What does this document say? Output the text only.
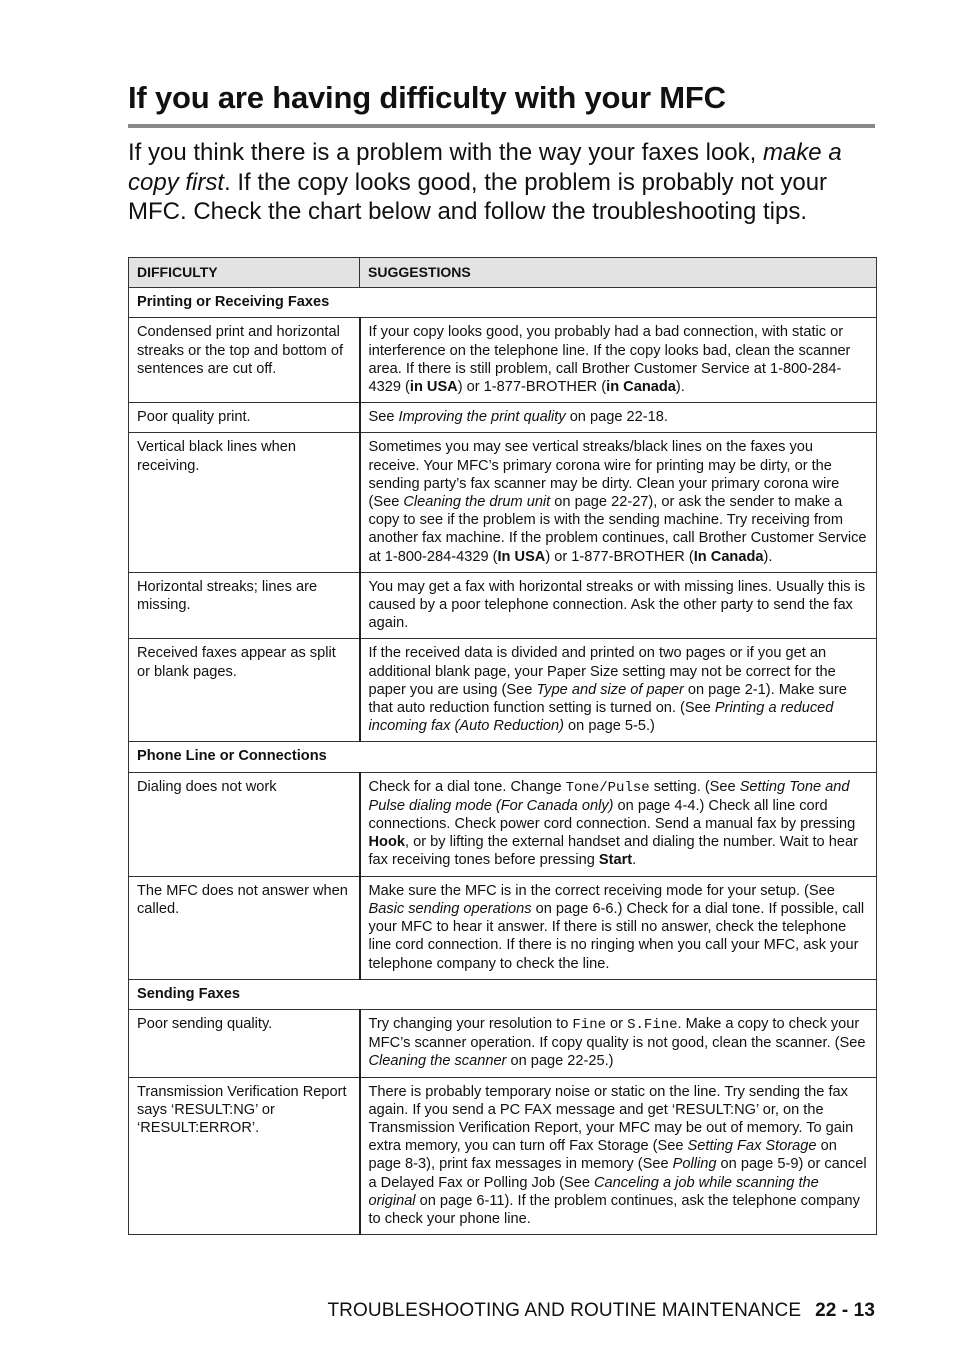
If you are having difficulty with your MFC

If you think there is a problem with the way your faxes look, make a copy first. If the copy looks good, the problem is probably not your MFC. Check the chart below and follow the troubleshooting tips.

DIFFICULTY	SUGGESTIONS
Printing or Receiving Faxes	
Condensed print and horizontal streaks or the top and bottom of sentences are cut off.	If your copy looks good, you probably had a bad connection, with static or interference on the telephone line. If the copy looks bad, clean the scanner area. If there is still problem, call Brother Customer Service at 1-800-284-4329 (in USA) or 1-877-BROTHER (in Canada).
Poor quality print.	See Improving the print quality on page 22-18.
Vertical black lines when receiving.	Sometimes you may see vertical streaks/black lines on the faxes you receive. Your MFC’s primary corona wire for printing may be dirty, or the sending party’s fax scanner may be dirty. Clean your primary corona wire (See Cleaning the drum unit on page 22-27), or ask the sender to make a copy to see if the problem is with the sending machine. Try receiving from another fax machine. If the problem continues, call Brother Customer Service at 1-800-284-4329 (In USA) or 1-877-BROTHER (In Canada).
Horizontal streaks; lines are missing.	You may get a fax with horizontal streaks or with missing lines. Usually this is caused by a poor telephone connection. Ask the other party to send the fax again.
Received faxes appear as split or blank pages.	If the received data is divided and printed on two pages or if you get an additional blank page, your Paper Size setting may not be correct for the paper you are using (See Type and size of paper on page 2-1). Make sure that auto reduction function setting is turned on. (See Printing a reduced incoming fax (Auto Reduction) on page 5-5.)
Phone Line or Connections	
Dialing does not work	Check for a dial tone. Change Tone/Pulse setting. (See Setting Tone and Pulse dialing mode (For Canada only) on page 4-4.) Check all line cord connections. Check power cord connection. Send a manual fax by pressing Hook, or by lifting the external handset and dialing the number. Wait to hear fax receiving tones before pressing Start.
The MFC does not answer when called.	Make sure the MFC is in the correct receiving mode for your setup. (See Basic sending operations on page 6-6.) Check for a dial tone. If possible, call your MFC to hear it answer. If there is still no answer, check the telephone line cord connection. If there is no ringing when you call your MFC, ask your telephone company to check the line.
Sending Faxes	
Poor sending quality.	Try changing your resolution to Fine or S.Fine. Make a copy to check your MFC’s scanner operation. If copy quality is not good, clean the scanner. (See Cleaning the scanner on page 22-25.)
Transmission Verification Report says ‘RESULT:NG’ or ‘RESULT:ERROR’.	There is probably temporary noise or static on the line. Try sending the fax again. If you send a PC FAX message and get ‘RESULT:NG’ or, on the Transmission Verification Report, your MFC may be out of memory. To gain extra memory, you can turn off Fax Storage (See Setting Fax Storage on page 8-3), print fax messages in memory (See Polling on page 5-9) or cancel a Delayed Fax or Polling Job (See Canceling a job while scanning the original on page 6-11). If the problem continues, ask the telephone company to check your phone line.
TROUBLESHOOTING AND ROUTINE MAINTENANCE 22 - 13
